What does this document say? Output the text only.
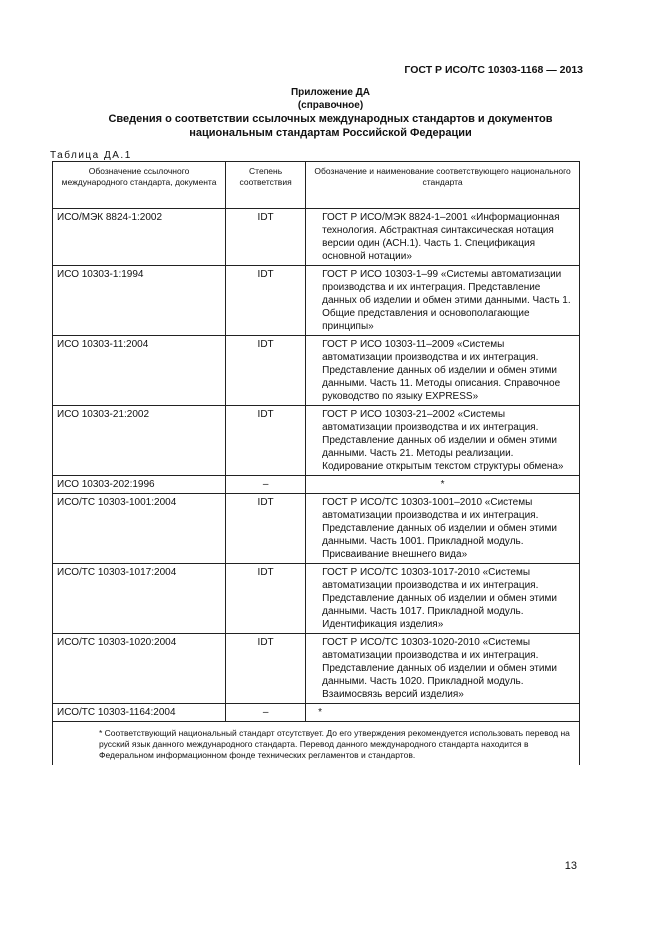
ГОСТ Р ИСО/ТС 10303-1168 — 2013
Приложение ДА
(справочное)
Сведения о соответствии ссылочных международных стандартов и документов
национальным стандартам Российской Федерации
Таблица ДА.1
Обозначение ссылочного международного стандарта, документа	Степень соответствия	Обозначение и наименование соответствующего национального стандарта
ИСО/МЭК 8824-1:2002	IDT	ГОСТ Р ИСО/МЭК 8824-1–2001 «Информационная технология. Абстрактная синтаксическая нотация версии один (АСН.1). Часть 1. Спецификация основной нотации»

ИСО 10303-1:1994	IDT	ГОСТ Р ИСО 10303-1–99 «Системы автоматизации производства и их интеграция. Представление данных об изделии и обмен этими данными. Часть 1. Общие представления и основополагающие принципы»

ИСО 10303-11:2004	IDT	ГОСТ Р ИСО 10303-11–2009 «Системы автоматизации производства и их интеграция. Представление данных об изделии и обмен этими данными. Часть 11. Методы описания. Справочное руководство по языку EXPRESS»

ИСО 10303-21:2002	IDT	ГОСТ Р ИСО 10303-21–2002 «Системы автоматизации производства и их интеграция. Представление данных об изделии и обмен этими данными. Часть 21. Методы реализации. Кодирование открытым текстом структуры обмена»

ИСО 10303-202:1996	–	*
ИСО/ТС 10303-1001:2004	IDT	ГОСТ Р ИСО/ТС 10303-1001–2010 «Системы автоматизации производства и их интеграция. Представление данных об изделии и обмен этими данными. Часть 1001. Прикладной модуль. Присваивание внешнего вида»

ИСО/ТС 10303-1017:2004	IDT	ГОСТ Р ИСО/ТС 10303-1017-2010 «Системы автоматизации производства и их интеграция. Представление данных об изделии и обмен этими данными. Часть 1017. Прикладной модуль. Идентификация изделия»

ИСО/ТС 10303-1020:2004	IDT	ГОСТ Р ИСО/ТС 10303-1020-2010 «Системы автоматизации производства и их интеграция. Представление данных об изделии и обмен этими данными. Часть 1020. Прикладной модуль. Взаимосвязь версий изделия»

ИСО/ТС 10303-1164:2004	–	*

* Соответствующий национальный стандарт отсутствует. До его утверждения рекомендуется использовать перевод на русский язык данного международного стандарта. Перевод данного международного стандарта находится в Федеральном информационном фонде технических регламентов и стандартов.		
13
